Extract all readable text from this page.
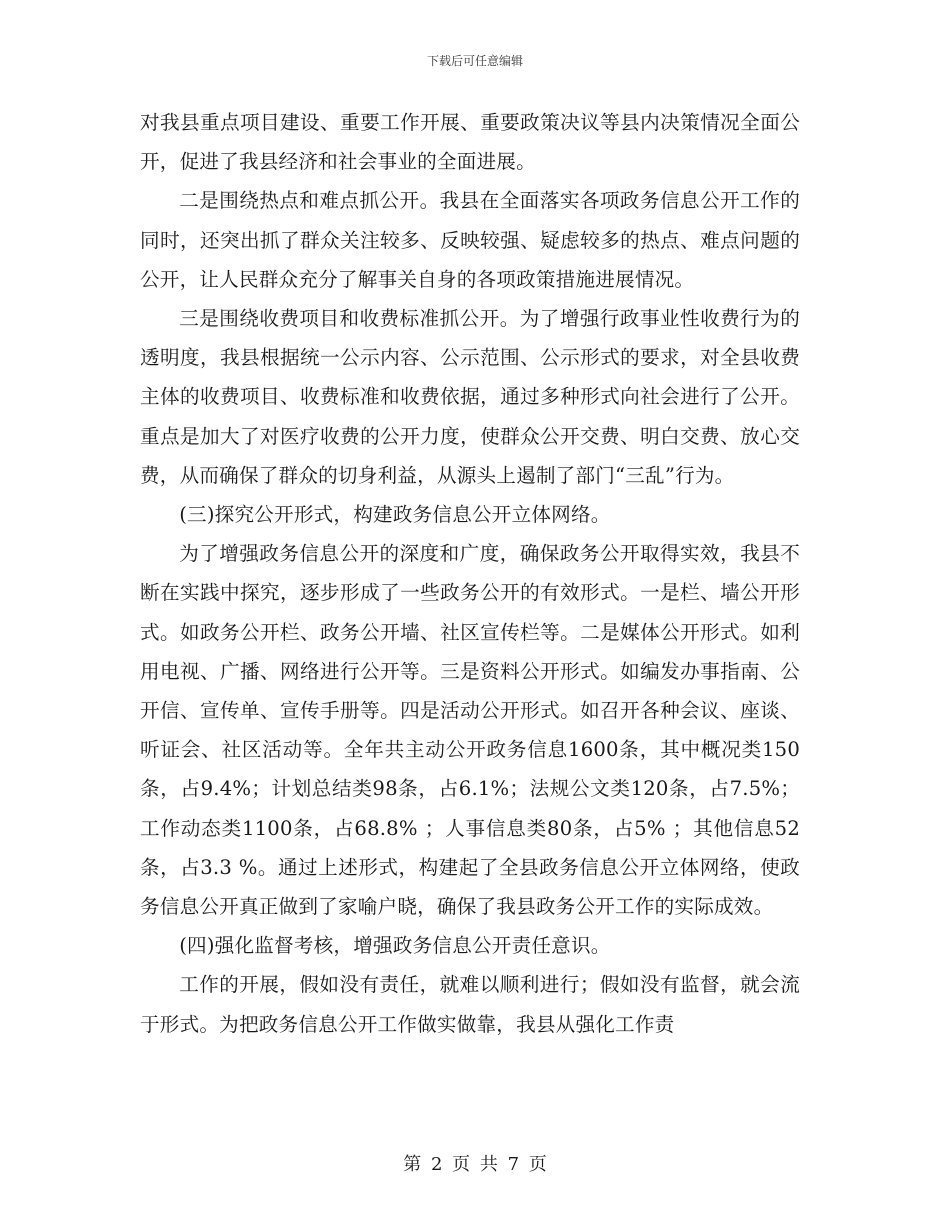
下载后可任意编辑

对我县重点项目建设、重要工作开展、重要政策决议等县内决策情况全面公开，促进了我县经济和社会事业的全面进展。

二是围绕热点和难点抓公开。我县在全面落实各项政务信息公开工作的同时，还突出抓了群众关注较多、反映较强、疑虑较多的热点、难点问题的公开，让人民群众充分了解事关自身的各项政策措施进展情况。

三是围绕收费项目和收费标准抓公开。为了增强行政事业性收费行为的透明度，我县根据统一公示内容、公示范围、公示形式的要求，对全县收费主体的收费项目、收费标准和收费依据，通过多种形式向社会进行了公开。重点是加大了对医疗收费的公开力度，使群众公开交费、明白交费、放心交费，从而确保了群众的切身利益，从源头上遏制了部门“三乱”行为。

(三)探究公开形式，构建政务信息公开立体网络。

为了增强政务信息公开的深度和广度，确保政务公开取得实效，我县不断在实践中探究，逐步形成了一些政务公开的有效形式。一是栏、墙公开形式。如政务公开栏、政务公开墙、社区宣传栏等。二是媒体公开形式。如利用电视、广播、网络进行公开等。三是资料公开形式。如编发办事指南、公开信、宣传单、宣传手册等。四是活动公开形式。如召开各种会议、座谈、听证会、社区活动等。全年共主动公开政务信息1600条，其中概况类150条，占9.4%；计划总结类98条，占6.1%；法规公文类120条，占7.5%；工作动态类1100条，占68.8% ；人事信息类80条，占5% ；其他信息52条，占3.3 %。通过上述形式，构建起了全县政务信息公开立体网络，使政务信息公开真正做到了家喻户晓，确保了我县政务公开工作的实际成效。

(四)强化监督考核，增强政务信息公开责任意识。

工作的开展，假如没有责任，就难以顺利进行；假如没有监督，就会流于形式。为把政务信息公开工作做实做靠，我县从强化工作责

第 2 页 共 7 页
